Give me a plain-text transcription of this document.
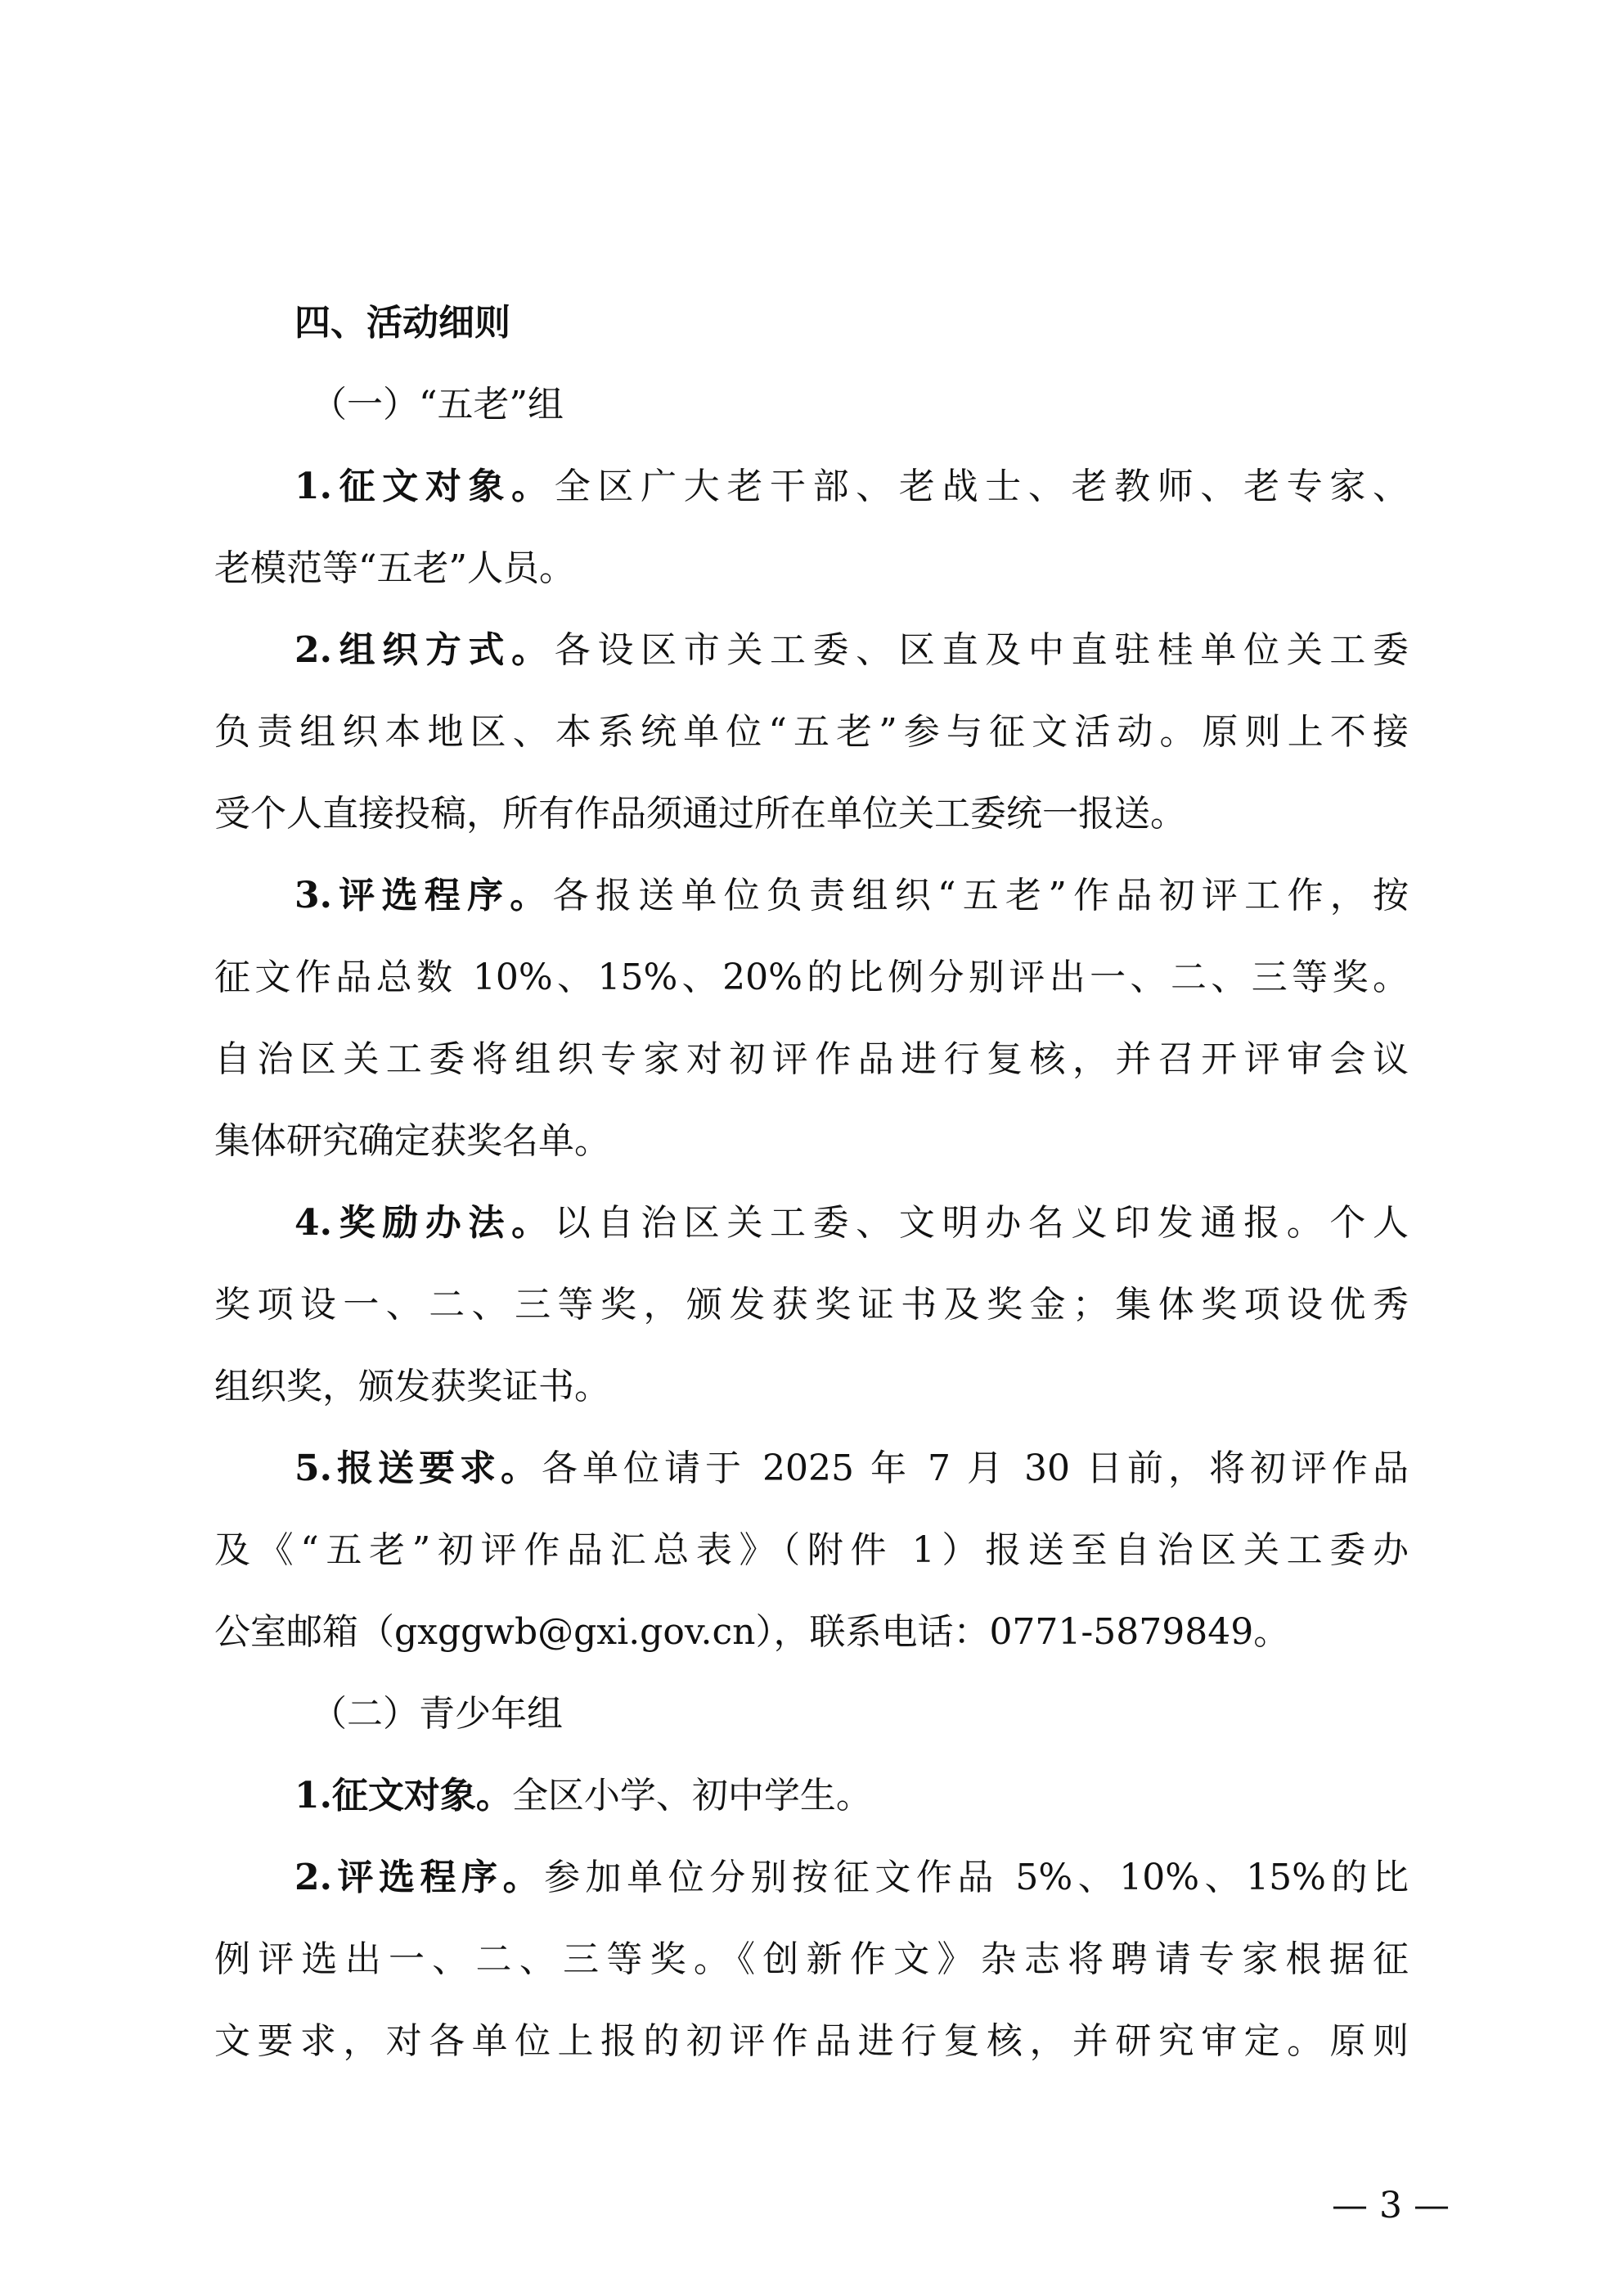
四、活动细则
（一）“五老”组
1.征文对象。全区广大老干部、老战士、老教师、老专家、
老模范等“五老”人员。
2.组织方式。各设区市关工委、区直及中直驻桂单位关工委
负责组织本地区、本系统单位“五老”参与征文活动。原则上不接
受个人直接投稿，所有作品须通过所在单位关工委统一报送。
3.评选程序。各报送单位负责组织“五老”作品初评工作，按
征文作品总数 10%、15%、20%的比例分别评出一、二、三等奖。
自治区关工委将组织专家对初评作品进行复核，并召开评审会议
集体研究确定获奖名单。
4.奖励办法。以自治区关工委、文明办名义印发通报。个人
奖项设一、二、三等奖，颁发获奖证书及奖金；集体奖项设优秀
组织奖，颁发获奖证书。
5.报送要求。各单位请于 2025 年 7 月 30 日前，将初评作品
及《“五老”初评作品汇总表》（附件 1）报送至自治区关工委办
公室邮箱（gxggwb@gxi.gov.cn），联系电话：0771-5879849。
（二）青少年组
1.征文对象。全区小学、初中学生。
2.评选程序。参加单位分别按征文作品 5%、10%、15%的比
例评选出一、二、三等奖。《创新作文》杂志将聘请专家根据征
文要求，对各单位上报的初评作品进行复核，并研究审定。原则
— 3 —
